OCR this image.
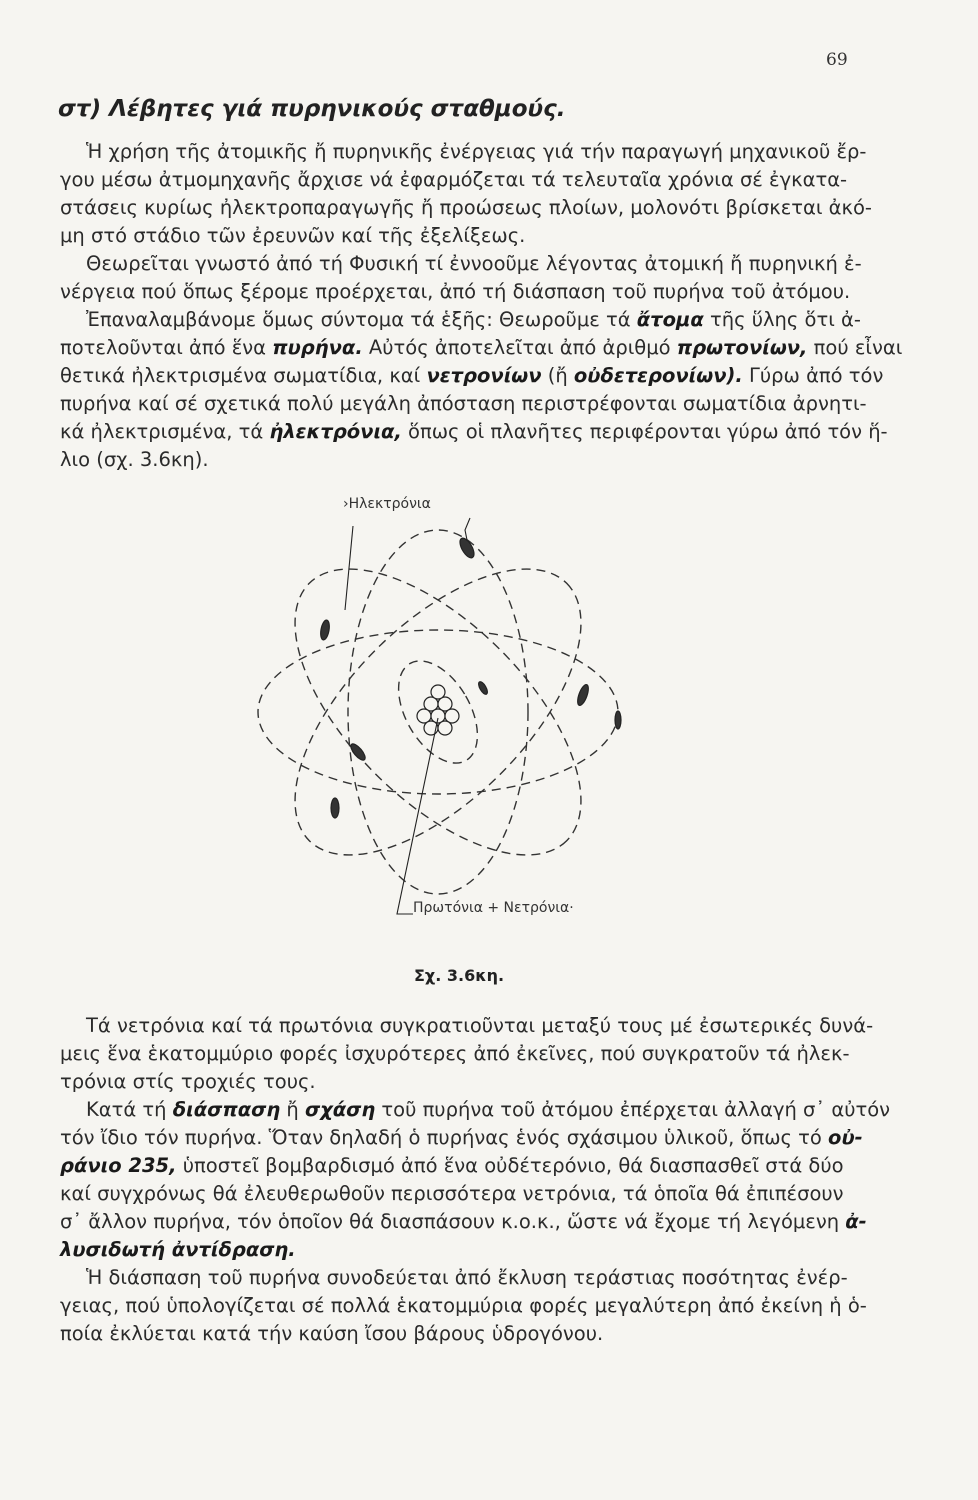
69
στ) Λέβητες γιά πυρηνικούς σταθμούς.
Ἡ χρήση τῆς ἀτομικῆς ἤ πυρηνικῆς ἐνέργειας γιά τήν παραγωγή μηχανικοῦ ἔρ-
γου μέσω ἀτμομηχανῆς ἄρχισε νά ἐφαρμόζεται τά τελευταῖα χρόνια σέ ἐγκατα-
στάσεις κυρίως ἠλεκτροπαραγωγῆς ἤ προώσεως πλοίων, μολονότι βρίσκεται ἀκό-
μη στό στάδιο τῶν ἐρευνῶν καί τῆς ἐξελίξεως.
Θεωρεῖται γνωστό ἀπό τή Φυσική τί ἐννοοῦμε λέγοντας ἀτομική ἤ πυρηνική ἐ-
νέργεια πού ὅπως ξέρομε προέρχεται, ἀπό τή διάσπαση τοῦ πυρήνα τοῦ ἀτόμου.
Ἐπαναλαμβάνομε ὅμως σύντομα τά ἑξῆς: Θεωροῦμε τά ἄτομα τῆς ὕλης ὅτι ἀ-
ποτελοῦνται ἀπό ἕνα πυρήνα. Αὐτός ἀποτελεῖται ἀπό ἀριθμό πρωτονίων, πού εἶναι
θετικά ἠλεκτρισμένα σωματίδια, καί νετρονίων (ἤ οὐδετερονίων). Γύρω ἀπό τόν
πυρήνα καί σέ σχετικά πολύ μεγάλη ἀπόσταση περιστρέφονται σωματίδια ἀρνητι-
κά ἠλεκτρισμένα, τά ἠλεκτρόνια, ὅπως οἱ πλανῆτες περιφέρονται γύρω ἀπό τόν ἥ-
λιο (σχ. 3.6κη).
›Ηλεκτρόνια
Πρωτόνια + Νετρόνια·
Σχ. 3.6κη.
Τά νετρόνια καί τά πρωτόνια συγκρατιοῦνται μεταξύ τους μέ ἐσωτερικές δυνά-
μεις ἕνα ἑκατομμύριο φορές ἰσχυρότερες ἀπό ἐκεῖνες, πού συγκρατοῦν τά ἠλεκ-
τρόνια στίς τροχιές τους.
Κατά τή διάσπαση ἤ σχάση τοῦ πυρήνα τοῦ ἀτόμου ἐπέρχεται ἀλλαγή σ᾽ αὐτόν
τόν ἴδιο τόν πυρήνα. Ὅταν δηλαδή ὁ πυρήνας ἑνός σχάσιμου ὑλικοῦ, ὅπως τό οὐ-
ράνιο 235, ὑποστεῖ βομβαρδισμό ἀπό ἕνα οὐδέτερόνιο, θά διασπασθεῖ στά δύο
καί συγχρόνως θά ἐλευθερωθοῦν περισσότερα νετρόνια, τά ὁποῖα θά ἐπιπέσουν
σ᾽ ἄλλον πυρήνα, τόν ὁποῖον θά διασπάσουν κ.ο.κ., ὥστε νά ἔχομε τή λεγόμενη ἀ-
λυσιδωτή ἀντίδραση.
Ἡ διάσπαση τοῦ πυρήνα συνοδεύεται ἀπό ἔκλυση τεράστιας ποσότητας ἐνέρ-
γειας, πού ὑπολογίζεται σέ πολλά ἑκατομμύρια φορές μεγαλύτερη ἀπό ἐκείνη ἡ ὁ-
ποία ἐκλύεται κατά τήν καύση ἴσου βάρους ὑδρογόνου.
